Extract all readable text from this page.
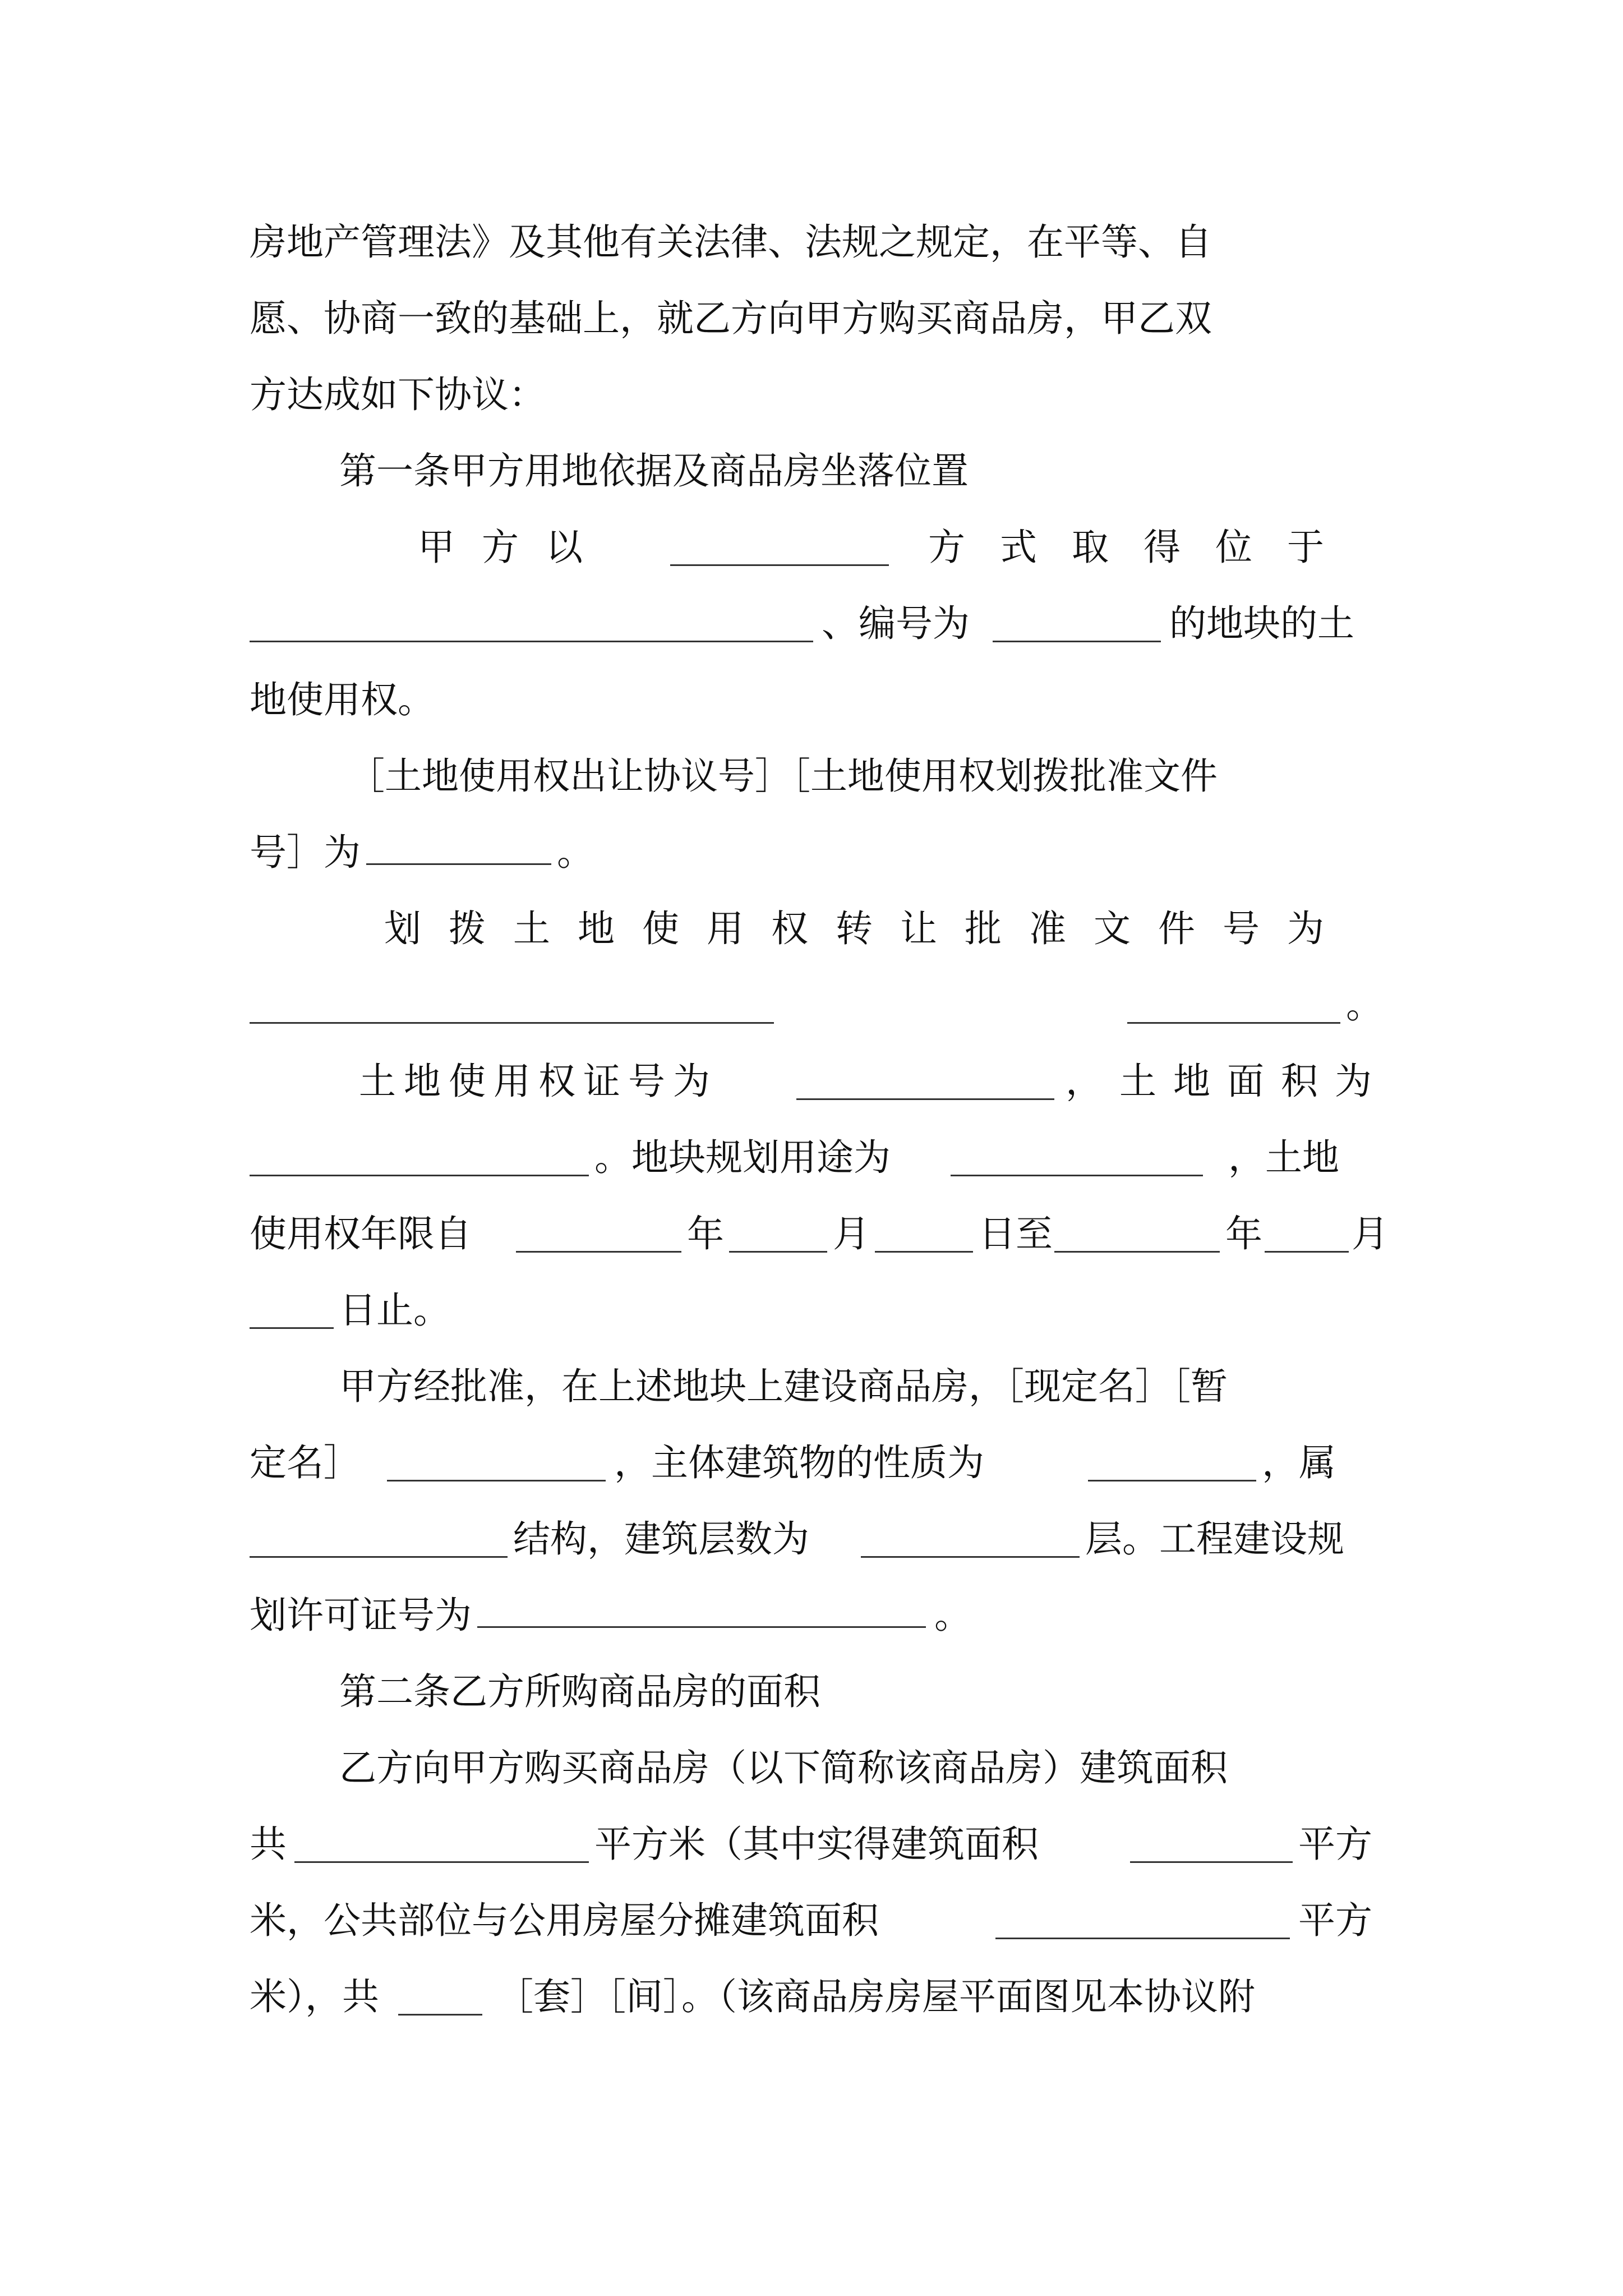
房地产管理法》及其他有关法律、法规之规定，在平等、自
愿、协商一致的基础上，就乙方向甲方购买商品房，甲乙双
方达成如下协议：
第一条甲方用地依据及商品房坐落位置
甲方以	方式取得位于
、编号为	的地块的土
地使用权。
［土地使用权出让协议号］［土地使用权划拨批准文件
号］为	。
划拨土地使用权转让批准文件号为
。
土地使用权证号为	，土地面积为
。地块规划用途为	，土地
使用权年限自	年	月	日至	年 月
日止。
甲方经批准，在上述地块上建设商品房，［现定名］［暂
定名］	，主体建筑物的性质为	，属
结构，建筑层数为	层。工程建设规
划许可证号为	。
第二条乙方所购商品房的面积
乙方向甲方购买商品房（以下简称该商品房）建筑面积
共	平方米（其中实得建筑面积	平方
米，公共部位与公用房屋分摊建筑面积	平方
米），共	［套］［间］。（该商品房房屋平面图见本协议附
